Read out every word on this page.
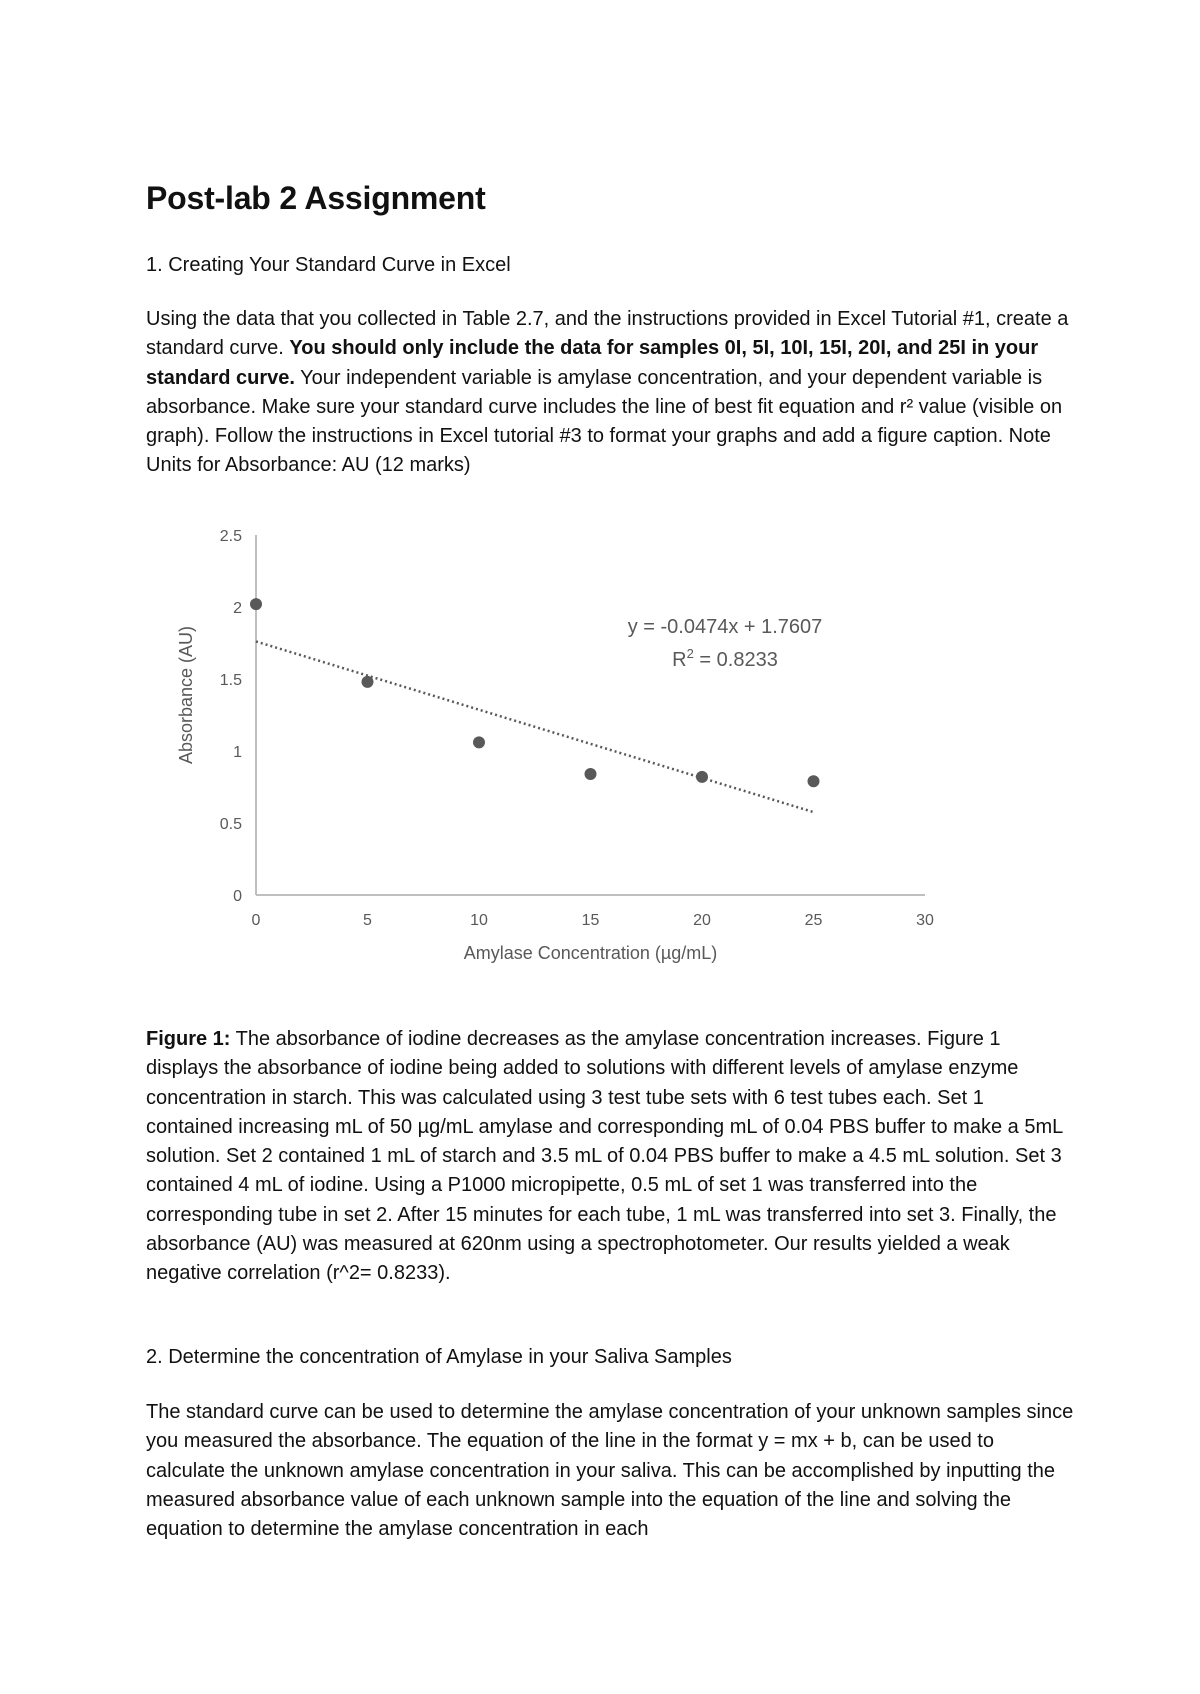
Post-lab 2 Assignment

1. Creating Your Standard Curve in Excel

Using the data that you collected in Table 2.7, and the instructions provided in Excel Tutorial #1, create a standard curve. You should only include the data for samples 0I, 5I, 10I, 15I, 20I, and 25I in your standard curve. Your independent variable is amylase concentration, and your dependent variable is absorbance. Make sure your standard curve includes the line of best fit equation and r² value (visible on graph). Follow the instructions in Excel tutorial #3 to format your graphs and add a figure caption. Note Units for Absorbance: AU (12 marks)

0
0.5
1
1.5
2
2.5
0	5	10	15	20	25	30
Amylase Concentration (µg/mL)
Absorbance (AU)	y = -0.0474x + 1.7607
$R^2 = 0.8233$

Figure 1: The absorbance of iodine decreases as the amylase concentration increases. Figure 1 displays the absorbance of iodine being added to solutions with different levels of amylase enzyme concentration in starch. This was calculated using 3 test tube sets with 6 test tubes each. Set 1 contained increasing mL of 50 µg/mL amylase and corresponding mL of 0.04 PBS buffer to make a 5mL solution. Set 2 contained 1 mL of starch and 3.5 mL of 0.04 PBS buffer to make a 4.5 mL solution. Set 3 contained 4 mL of iodine. Using a P1000 micropipette, 0.5 mL of set 1 was transferred into the corresponding tube in set 2. After 15 minutes for each tube, 1 mL was transferred into set 3. Finally, the absorbance (AU) was measured at 620nm using a spectrophotometer. Our results yielded a weak negative correlation (r^2= 0.8233).

2. Determine the concentration of Amylase in your Saliva Samples

The standard curve can be used to determine the amylase concentration of your unknown samples since you measured the absorbance. The equation of the line in the format y = mx + b, can be used to calculate the unknown amylase concentration in your saliva. This can be accomplished by inputting the measured absorbance value of each unknown sample into the equation of the line and solving the equation to determine the amylase concentration in each
